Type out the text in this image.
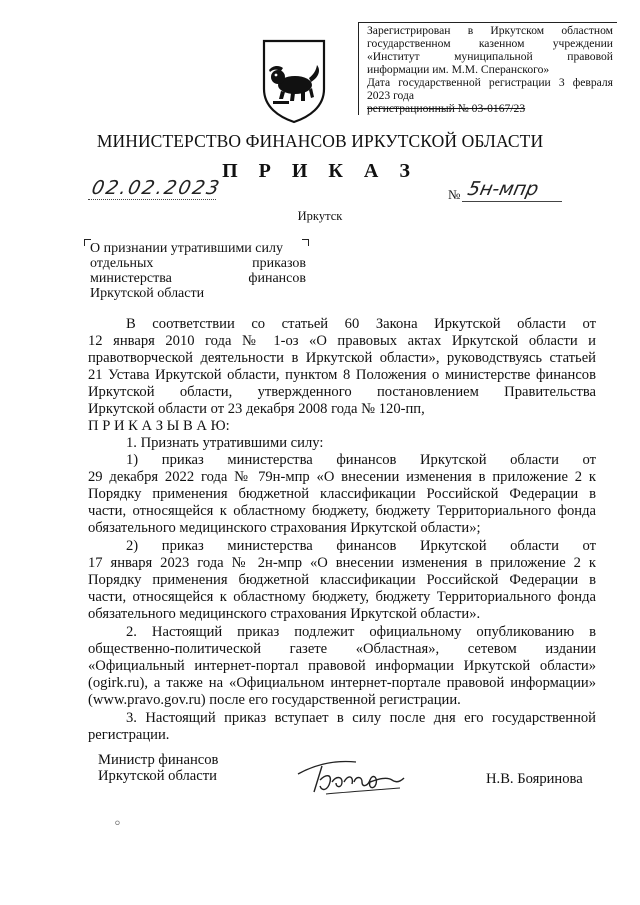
Зарегистрирован в Иркутском областном
государственном казенном учреждении
«Институт муниципальной правовой
информации им. М.М. Сперанского»
Дата государственной регистрации 3 февраля
2023 года
регистрационный № 03-0167/23
МИНИСТЕРСТВО ФИНАНСОВ ИРКУТСКОЙ ОБЛАСТИ
П Р И К А З
02.02.2023	№ 5н-мпр
Иркутск
О признании утратившими силу
отдельных приказов
министерства финансов
Иркутской области
В соответствии со статьей 60 Закона Иркутской области от
12 января 2010 года № 1-оз «О правовых актах Иркутской области и
правотворческой деятельности в Иркутской области», руководствуясь статьей
21 Устава Иркутской области, пунктом 8 Положения о министерстве финансов
Иркутской области, утвержденного постановлением Правительства
Иркутской области от 23 декабря 2008 года № 120-пп,
П Р И К А З Ы В А Ю:
1. Признать утратившими силу:
1) приказ министерства финансов Иркутской области от
29 декабря 2022 года № 79н-мпр «О внесении изменения в приложение 2 к
Порядку применения бюджетной классификации Российской Федерации в
части, относящейся к областному бюджету, бюджету Территориального фонда
обязательного медицинского страхования Иркутской области»;
2) приказ министерства финансов Иркутской области от
17 января 2023 года № 2н-мпр «О внесении изменения в приложение 2 к
Порядку применения бюджетной классификации Российской Федерации в
части, относящейся к областному бюджету, бюджету Территориального фонда
обязательного медицинского страхования Иркутской области».
2. Настоящий приказ подлежит официальному опубликованию в
общественно-политической газете «Областная», сетевом издании
«Официальный интернет-портал правовой информации Иркутской области»
(ogirk.ru), а также на «Официальном интернет-портале правовой информации»
(www.pravo.gov.ru) после его государственной регистрации.
3. Настоящий приказ вступает в силу после дня его государственной
регистрации.
Министр финансов
Иркутской области	Н.В. Бояринова
⸰
